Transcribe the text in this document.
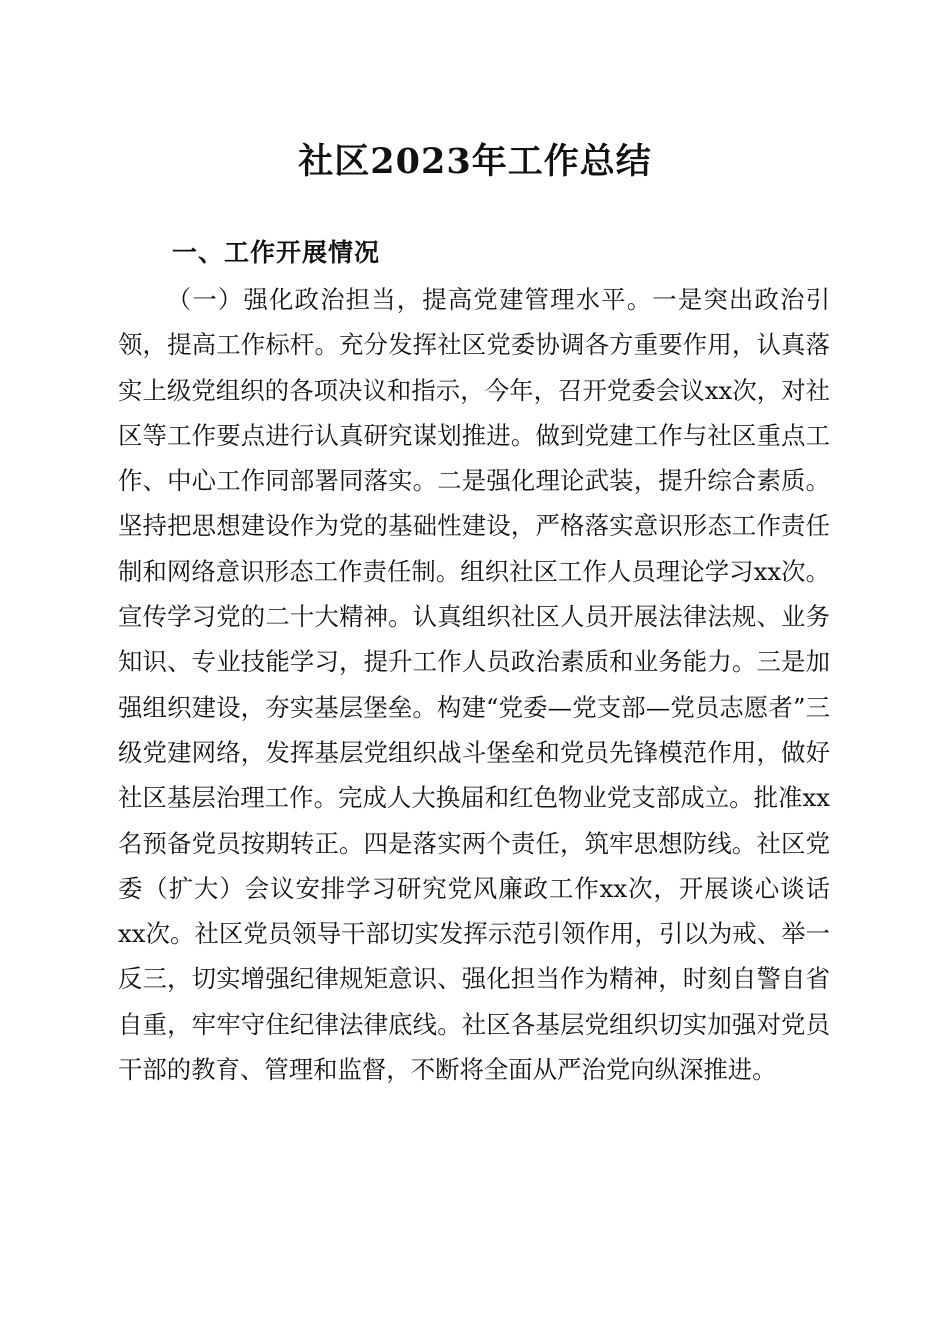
社区2023年工作总结
一、工作开展情况

（一）强化政治担当，提高党建管理水平。一是突出政治引领，提高工作标杆。充分发挥社区党委协调各方重要作用，认真落实上级党组织的各项决议和指示，今年，召开党委会议xx次，对社区等工作要点进行认真研究谋划推进。做到党建工作与社区重点工作、中心工作同部署同落实。二是强化理论武装，提升综合素质。坚持把思想建设作为党的基础性建设，严格落实意识形态工作责任制和网络意识形态工作责任制。组织社区工作人员理论学习xx次。宣传学习党的二十大精神。认真组织社区人员开展法律法规、业务知识、专业技能学习，提升工作人员政治素质和业务能力。三是加强组织建设，夯实基层堡垒。构建“党委—党支部—党员志愿者”三级党建网络，发挥基层党组织战斗堡垒和党员先锋模范作用，做好社区基层治理工作。完成人大换届和红色物业党支部成立。批准xx名预备党员按期转正。四是落实两个责任，筑牢思想防线。社区党委（扩大）会议安排学习研究党风廉政工作xx次，开展谈心谈话xx次。社区党员领导干部切实发挥示范引领作用，引以为戒、举一反三，切实增强纪律规矩意识、强化担当作为精神，时刻自警自省自重，牢牢守住纪律法律底线。社区各基层党组织切实加强对党员干部的教育、管理和监督，不断将全面从严治党向纵深推进。
